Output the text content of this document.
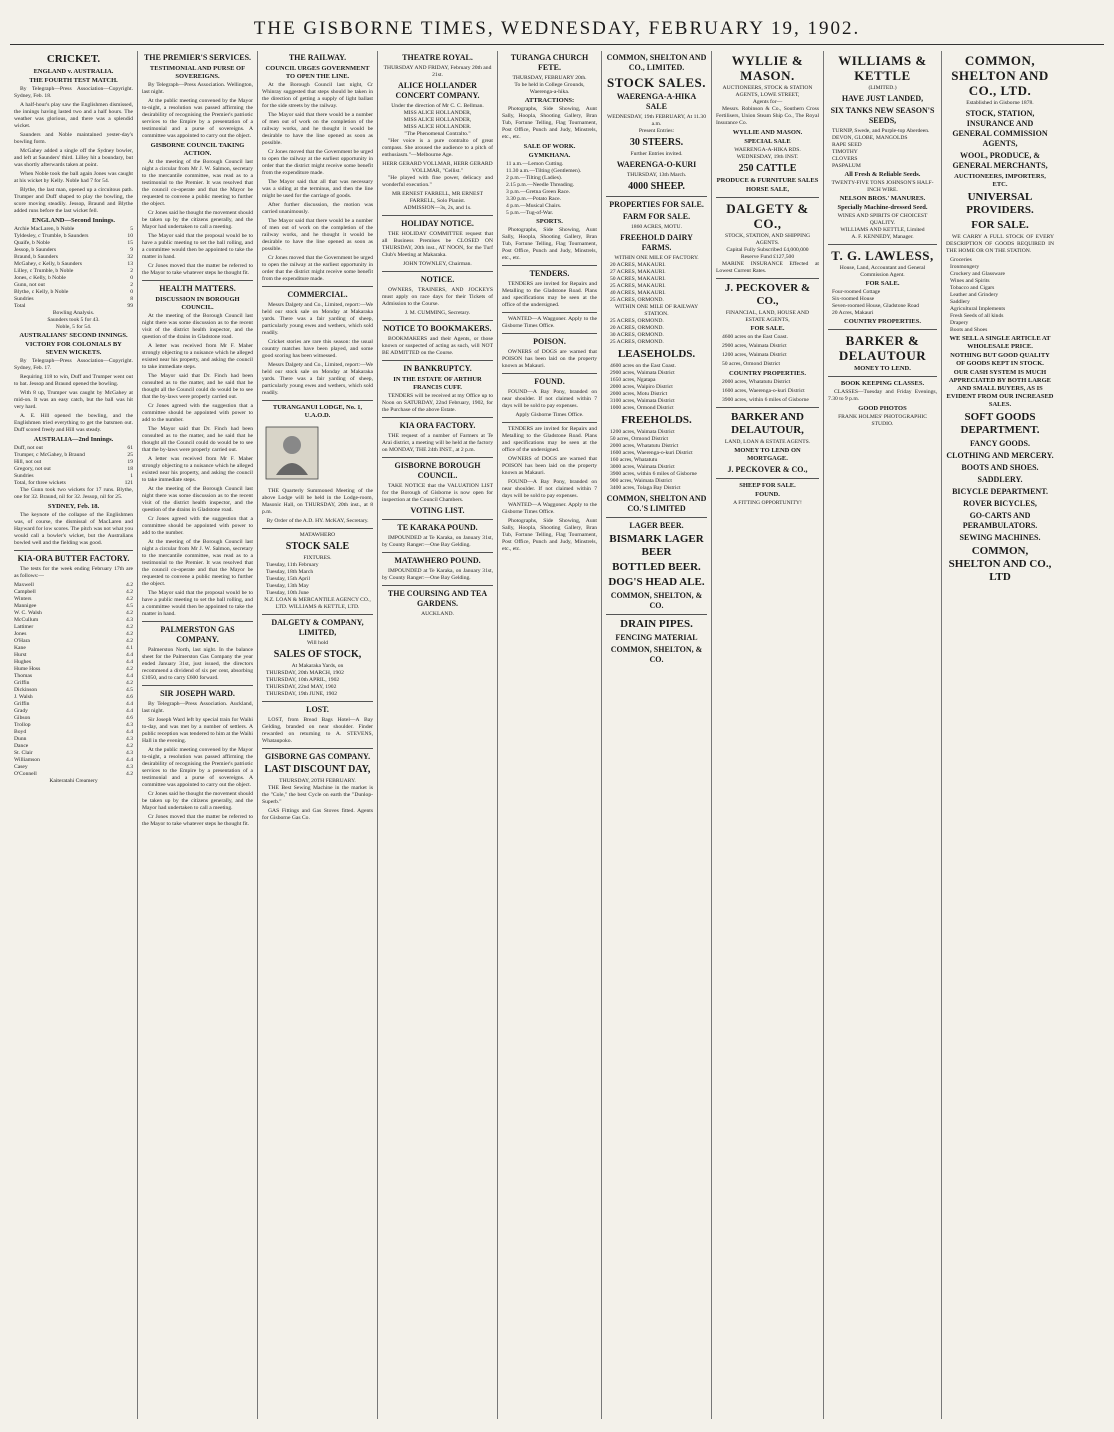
THE GISBORNE TIMES, WEDNESDAY, FEBRUARY 19, 1902.
CRICKET.
ENGLAND v. AUSTRALIA.
THE FOURTH TEST MATCH.
By Telegraph—Press Association—Copyright. Sydney, Feb. 18.
A half-hour's play saw the Englishmen dismissed, the innings having lasted two and a half hours. The weather was glorious, and there was a splendid wicket.
Saunders and Noble maintained yester-day's bowling form.
McGahey added a single off the Sydney bowler, and left at Saunders' third. Lilley hit a boundary, but was shortly afterwards taken at point.
When Noble took the ball again Jones was caught at his wicket by Kelly. Noble had 7 for 54.
Blythe, the last man, opened up a circuitous path. Trumper and Duff shaped to play the bowling, the score moving steadily. Jessop, Braund and Blythe added runs before the last wicket fell.
ENGLAND—Second Innings.
Archie MacLaren, b Noble	5
Tyldesley, c Trumble, b Saunders	10
Quaife, b Noble	15
Jessop, b Saunders	9
Braund, b Saunders	32
McGahey, c Kelly, b Saunders	13
Lilley, c Trumble, b Noble	2
Jones, c Kelly, b Noble	0
Gunn, not out	2
Blythe, c Kelly, b Noble	0
Sundries	8
Total	99
Bowling Analysis.
Saunders took 5 for 43.
Noble, 5 for 54.
AUSTRALIANS' SECOND INNINGS.
VICTORY FOR COLONIALS BY SEVEN WICKETS.
By Telegraph—Press Association—Copyright. Sydney, Feb. 17.
Requiring 118 to win, Duff and Trumper went out to bat. Jessop and Braund opened the bowling.
With 8 up, Trumper was caught by McGahey at mid-on. It was an easy catch, but the ball was hit very hard.
A. E. Hill opened the bowling, and the Englishmen tried everything to get the batsmen out. Duff scored freely and Hill was steady.
AUSTRALIA—2nd Innings.
Duff, not out	61
Trumper, c McGahey, b Braund	25
Hill, not out	19
Gregory, not out	18
Sundries	1
Total, for three wickets	121
The Gunn took two wickets for 17 runs. Blythe, one for 32. Braund, nil for 32. Jessop, nil for 25.
SYDNEY, Feb. 18.
The keynote of the collapse of the Englishmen was, of course, the dismissal of MacLaren and Hayward for low scores. The pitch was not what you would call a bowler's wicket, but the Australians bowled well and the fielding was good.
KIA-ORA BUTTER FACTORY.
The tests for the week ending February 17th are as follows:—
Maxwell	4.2
Campbell	4.2
Winters	4.2
Mannigee	4.5
W. C. Walsh	4.2
McCullum	4.3
Lattimer	4.2
Jones	4.2
O'Hara	4.2
Kane	4.1
Hurst	4.4
Hughes	4.4
Hume Hoss	4.2
Thomas	4.4
Griffin	4.2
Dickinson	4.5
J. Walsh	4.6
Griffin	4.4
Grady	4.4
Gibson	4.6
Trollop	4.3
Boyd	4.4
Dunn	4.3
Dance	4.2
St. Clair	4.3
Williamson	4.4
Casey	4.3
O'Connell	4.2
Kaiteratahi Creamery
THE PREMIER'S SERVICES.
TESTIMONIAL AND PURSE OF SOVEREIGNS.
By Telegraph—Press Association. Wellington, last night.
At the public meeting convened by the Mayor to-night, a resolution was passed affirming the desirability of recognising the Premier's patriotic services to the Empire by a presentation of a testimonial and a purse of sovereigns. A committee was appointed to carry out the object.
GISBORNE COUNCIL TAKING ACTION.
At the meeting of the Borough Council last night a circular from Mr J. W. Salmon, secretary to the mercantile committee, was read as to a testimonial to the Premier. It was resolved that the council co-operate and that the Mayor be requested to convene a public meeting to further the object.
Cr Jones said he thought the movement should be taken up by the citizens generally, and the Mayor had undertaken to call a meeting.
The Mayor said that the proposal would be to have a public meeting to set the ball rolling, and a committee would then be appointed to take the matter in hand.
Cr Jones moved that the matter be referred to the Mayor to take whatever steps he thought fit.
HEALTH MATTERS.
DISCUSSION IN BOROUGH COUNCIL.
At the meeting of the Borough Council last night there was some discussion as to the recent visit of the district health inspector, and the question of the drains in Gladstone road.
A letter was received from Mr F. Maher strongly objecting to a nuisance which he alleged existed near his property, and asking the council to take immediate steps.
The Mayor said that Dr. Finch had been consulted as to the matter, and he said that he thought all the Council could do would be to see that the by-laws were properly carried out.
Cr Jones agreed with the suggestion that a committee should be appointed with power to add to the number.
The Mayor said that Dr. Finch had been consulted as to the matter, and he said that he thought all the Council could do would be to see that the by-laws were properly carried out.
A letter was received from Mr F. Maher strongly objecting to a nuisance which he alleged existed near his property, and asking the council to take immediate steps.
At the meeting of the Borough Council last night there was some discussion as to the recent visit of the district health inspector, and the question of the drains in Gladstone road.
Cr Jones agreed with the suggestion that a committee should be appointed with power to add to the number.
At the meeting of the Borough Council last night a circular from Mr J. W. Salmon, secretary to the mercantile committee, was read as to a testimonial to the Premier. It was resolved that the council co-operate and that the Mayor be requested to convene a public meeting to further the object.
The Mayor said that the proposal would be to have a public meeting to set the ball rolling, and a committee would then be appointed to take the matter in hand.
PALMERSTON GAS COMPANY.
Palmerston North, last night. In the balance sheet for the Palmerston Gas Company the year ended January 31st, just issued, the directors recommend a dividend of six per cent, absorbing £1050, and to carry £600 forward.
SIR JOSEPH WARD.
By Telegraph—Press Association. Auckland, last night.
Sir Joseph Ward left by special train for Waihi to-day, and was met by a number of settlers. A public reception was tendered to him at the Waihi Hall in the evening.
At the public meeting convened by the Mayor to-night, a resolution was passed affirming the desirability of recognising the Premier's patriotic services to the Empire by a presentation of a testimonial and a purse of sovereigns. A committee was appointed to carry out the object.
Cr Jones said he thought the movement should be taken up by the citizens generally, and the Mayor had undertaken to call a meeting.
Cr Jones moved that the matter be referred to the Mayor to take whatever steps he thought fit.
THE RAILWAY.
COUNCIL URGES GOVERNMENT TO OPEN THE LINE.
At the Borough Council last night, Cr Whinray suggested that steps should be taken in the direction of getting a supply of light ballast for the side streets by the railway.
The Mayor said that there would be a number of men out of work on the completion of the railway works, and he thought it would be desirable to have the line opened as soon as possible.
Cr Jones moved that the Government be urged to open the railway at the earliest opportunity in order that the district might receive some benefit from the expenditure made.
The Mayor said that all that was necessary was a siding at the terminus, and then the line might be used for the carriage of goods.
After further discussion, the motion was carried unanimously.
The Mayor said that there would be a number of men out of work on the completion of the railway works, and he thought it would be desirable to have the line opened as soon as possible.
Cr Jones moved that the Government be urged to open the railway at the earliest opportunity in order that the district might receive some benefit from the expenditure made.
COMMERCIAL.
Messrs Dalgety and Co., Limited, report:—We held our stock sale on Monday at Makaraka yards. There was a fair yarding of sheep, particularly young ewes and wethers, which sold readily.
Cricket stories are rare this season: the usual country matches have been played, and some good scoring has been witnessed.
Messrs Dalgety and Co., Limited, report:—We held our stock sale on Monday at Makaraka yards. There was a fair yarding of sheep, particularly young ewes and wethers, which sold readily.
TURANGANUI LODGE, No. 1, U.A.O.D.
THE Quarterly Summoned Meeting of the above Lodge will be held in the Lodge-room, Masonic Hall, on THURSDAY, 20th inst., at 8 p.m.
By Order of the A.D. HY. McKAY, Secretary.
MATAWHERO
STOCK SALE
FIXTURES.
Tuesday, 11th February
Tuesday, 18th March
Tuesday, 15th April
Tuesday, 13th May
Tuesday, 10th June
N.Z. LOAN & MERCANTILE AGENCY CO., LTD. WILLIAMS & KETTLE, LTD.
DALGETY & COMPANY, LIMITED,
Will hold
SALES OF STOCK,
At Makaraka Yards, on
THURSDAY, 20th MARCH, 1902
THURSDAY, 10th APRIL, 1902
THURSDAY, 22nd MAY, 1902
THURSDAY, 19th JUNE, 1902
LOST.
LOST, from Bread Bags Hotel—A Bay Gelding, branded on near shoulder. Finder rewarded on returning to A. STEVENS, Whataupoko.
GISBORNE GAS COMPANY.
LAST DISCOUNT DAY,
THURSDAY, 20TH FEBRUARY.
THE Best Sewing Machine in the market is the "Cole," the best Cycle on earth the "Dunlop-Superb."
GAS Fittings and Gas Stoves fitted. Agents for Gisborne Gas Co.
THEATRE ROYAL.
THURSDAY AND FRIDAY, February 20th and 21st.
ALICE HOLLANDER CONCERT COMPANY.
Under the direction of Mr C. C. Bellman.
MISS ALICE HOLLANDER,
MISS ALICE HOLLANDER,
MISS ALICE HOLLANDER.
"The Phenomenal Contralto."
"Her voice is a pure contralto of great compass. She aroused the audience to a pitch of enthusiasm."—Melbourne Age.
HERR GERARD VOLLMAR, HERR GERARD VOLLMAR, "Cellist."
"He played with fine power, delicacy and wonderful execution."
MR ERNEST FARRELL, MR ERNEST FARRELL, Solo Pianist.
ADMISSION—3s, 2s, and 1s.
HOLIDAY NOTICE.
THE HOLIDAY COMMITTEE request that all Business Premises be CLOSED ON THURSDAY, 20th inst., AT NOON, for the Turf Club's Meeting at Makaraka.
JOHN TOWNLEY, Chairman.
NOTICE.
OWNERS, TRAINERS, AND JOCKEYS must apply on race days for their Tickets of Admission to the Course.
J. M. CUMMING, Secretary.
NOTICE TO BOOKMAKERS.
BOOKMAKERS and their Agents, or those known or suspected of acting as such, will NOT BE ADMITTED on the Course.
IN BANKRUPTCY.
IN THE ESTATE OF ARTHUR FRANCIS CUFF.
TENDERS will be received at my Office up to Noon on SATURDAY, 22nd February, 1902, for the Purchase of the above Estate.
KIA ORA FACTORY.
THE request of a number of Farmers at Te Arai district, a meeting will be held at the factory on MONDAY, THE 24th INST., at 2 p.m.
GISBORNE BOROUGH COUNCIL.
TAKE NOTICE that the VALUATION LIST for the Borough of Gisborne is now open for inspection at the Council Chambers.
VOTING LIST.
TE KARAKA POUND.
IMPOUNDED at Te Karaka, on January 31st, by County Ranger:—One Bay Gelding.
MATAWHERO POUND.
IMPOUNDED at Te Karaka, on January 31st, by County Ranger:—One Bay Gelding.
THE COURSING AND TEA GARDENS.
AUCKLAND.
TURANGA CHURCH FETE.
THURSDAY, FEBRUARY 20th.
To be held in College Grounds, Waerenga-a-hika.
ATTRACTIONS:
Photographs, Side Showing, Aunt Sally, Hoopla, Shooting Gallery, Bran Tub, Fortune Telling, Flag Tournament, Post Office, Punch and Judy, Minstrels, etc., etc.
SALE OF WORK.
GYMKHANA.
11 a.m.—Lemon Cutting.
11.30 a.m.—Tilting (Gentlemen).
2 p.m.—Tilting (Ladies).
2.15 p.m.—Needle Threading.
3 p.m.—Gretna Green Race.
3.30 p.m.—Potato Race.
4 p.m.—Musical Chairs.
5 p.m.—Tug-of-War.
SPORTS.
Photographs, Side Showing, Aunt Sally, Hoopla, Shooting Gallery, Bran Tub, Fortune Telling, Flag Tournament, Post Office, Punch and Judy, Minstrels, etc., etc.
TENDERS.
TENDERS are invited for Repairs and Metalling to the Gladstone Road. Plans and specifications may be seen at the office of the undersigned.
WANTED—A Waggoner. Apply to the Gisborne Times Office.
POISON.
OWNERS of DOGS are warned that POISON has been laid on the property known as Makauri.
FOUND.
FOUND—A Bay Pony, branded on near shoulder. If not claimed within 7 days will be sold to pay expenses.
Apply Gisborne Times Office.
TENDERS are invited for Repairs and Metalling to the Gladstone Road. Plans and specifications may be seen at the office of the undersigned.
OWNERS of DOGS are warned that POISON has been laid on the property known as Makauri.
FOUND—A Bay Pony, branded on near shoulder. If not claimed within 7 days will be sold to pay expenses.
WANTED—A Waggoner. Apply to the Gisborne Times Office.
Photographs, Side Showing, Aunt Sally, Hoopla, Shooting Gallery, Bran Tub, Fortune Telling, Flag Tournament, Post Office, Punch and Judy, Minstrels, etc., etc.
COMMON, SHELTON AND CO., LIMITED.
STOCK SALES.
WAERENGA-A-HIKA SALE
WEDNESDAY, 19th FEBRUARY, At 11.30 a.m.
Present Entries:
30 STEERS.
Further Entries invited.
WAERENGA-O-KURI
THURSDAY, 13th March.
4000 SHEEP.
PROPERTIES FOR SALE.
FARM FOR SALE.
1860 ACRES, MOTU.
FREEHOLD DAIRY FARMS.
WITHIN ONE MILE OF FACTORY.
20 ACRES, MAKAURI.
27 ACRES, MAKAURI.
50 ACRES, MAKAURI.
25 ACRES, MAKAURI.
40 ACRES, MAKAURI.
25 ACRES, ORMOND.
WITHIN ONE MILE OF RAILWAY STATION.
25 ACRES, ORMOND.
20 ACRES, ORMOND.
30 ACRES, ORMOND.
25 ACRES, ORMOND.
LEASEHOLDS.
4600 acres on the East Coast.
2900 acres, Waimata District
1650 acres, Ngatapa
2000 acres, Waipiro District
2000 acres, Motu District
3100 acres, Waimata District
1000 acres, Ormond District
FREEHOLDS.
1200 acres, Waimata District
50 acres, Ormond District
2000 acres, Whatatutu District
1600 acres, Waerenga-o-kuri District
160 acres, Whatatutu
3000 acres, Waimata District
3900 acres, within 6 miles of Gisborne
900 acres, Waimata District
3400 acres, Tolaga Bay District
COMMON, SHELTON AND CO.'S LIMITED
LAGER BEER.
BISMARK LAGER BEER
BOTTLED BEER.
DOG'S HEAD ALE.
COMMON, SHELTON, & CO.
DRAIN PIPES.
FENCING MATERIAL
COMMON, SHELTON, & CO.
WYLLIE & MASON.
AUCTIONEERS, STOCK & STATION AGENTS, LOWE STREET,
Agents for—
Messrs. Robinson & Co., Southern Cross Fertilisers, Union Steam Ship Co., The Royal Insurance Co.
WYLLIE AND MASON.
SPECIAL SALE
WAERENGA-A-HIKA RDS.
WEDNESDAY, 19th INST.
250 CATTLE
PRODUCE & FURNITURE SALES
HORSE SALE,
DALGETY & CO.,
STOCK, STATION, AND SHIPPING AGENTS.
Capital Fully Subscribed £4,000,000
Reserve Fund £127,500
MARINE INSURANCE Effected at Lowest Current Rates.
J. PECKOVER & CO.,
FINANCIAL, LAND, HOUSE AND ESTATE AGENTS,
FOR SALE.
4600 acres on the East Coast.
2900 acres, Waimata District
1200 acres, Waimata District
50 acres, Ormond District
COUNTRY PROPERTIES.
2000 acres, Whatatutu District
1600 acres, Waerenga-o-kuri District
3900 acres, within 6 miles of Gisborne
BARKER AND DELAUTOUR,
LAND, LOAN & ESTATE AGENTS.
MONEY TO LEND ON MORTGAGE.
J. PECKOVER & CO.,
SHEEP FOR SALE.
FOUND.
A FITTING OPPORTUNITY!
WILLIAMS & KETTLE
(LIMITED.)
HAVE JUST LANDED,
SIX TANKS NEW SEASON'S SEEDS,
TURNIP, Swede, and Purple-top Aberdeen.
DEVON, GLOBE, MANGOLDS
RAPE SEED
TIMOTHY
CLOVERS
PASPALUM
All Fresh & Reliable Seeds.
TWENTY-FIVE TONS JOHNSON'S HALF-INCH WIRE.
NELSON BROS.' MANURES.
Specially Machine-dressed Seed.
WINES AND SPIRITS OF CHOICEST QUALITY.
WILLIAMS AND KETTLE, Limited
A. F. KENNEDY, Manager.
T. G. LAWLESS,
House, Land, Accountant and General Commission Agent.
FOR SALE.
Four-roomed Cottage
Six-roomed House
Seven-roomed House, Gladstone Road
20 Acres, Makauri
COUNTRY PROPERTIES.
BARKER & DELAUTOUR
MONEY TO LEND.
BOOK KEEPING CLASSES.
CLASSES—Tuesday and Friday Evenings, 7.30 to 9 p.m.
GOOD PHOTOS
FRANK HOLMES' PHOTOGRAPHIC STUDIO.
COMMON, SHELTON AND CO., LTD.
Established in Gisborne 1878.
STOCK, STATION, INSURANCE AND GENERAL COMMISSION AGENTS,
WOOL, PRODUCE, & GENERAL MERCHANTS,
AUCTIONEERS, IMPORTERS, ETC.
UNIVERSAL PROVIDERS.
FOR SALE.
WE CARRY A FULL STOCK OF EVERY DESCRIPTION OF GOODS REQUIRED IN THE HOME OR ON THE STATION.
Groceries
Ironmongery
Crockery and Glassware
Wines and Spirits
Tobacco and Cigars
Leather and Grindery
Saddlery
Agricultural Implements
Fresh Seeds of all kinds
Drapery
Boots and Shoes
WE SELL A SINGLE ARTICLE AT WHOLESALE PRICE.
NOTHING BUT GOOD QUALITY OF GOODS KEPT IN STOCK.
OUR CASH SYSTEM IS MUCH APPRECIATED BY BOTH LARGE AND SMALL BUYERS, AS IS EVIDENT FROM OUR INCREASED SALES.
SOFT GOODS DEPARTMENT.
FANCY GOODS.
CLOTHING AND MERCERY.
BOOTS AND SHOES.
SADDLERY.
BICYCLE DEPARTMENT.
ROVER BICYCLES,
GO-CARTS AND PERAMBULATORS.
SEWING MACHINES.
COMMON, SHELTON AND CO., LTD
